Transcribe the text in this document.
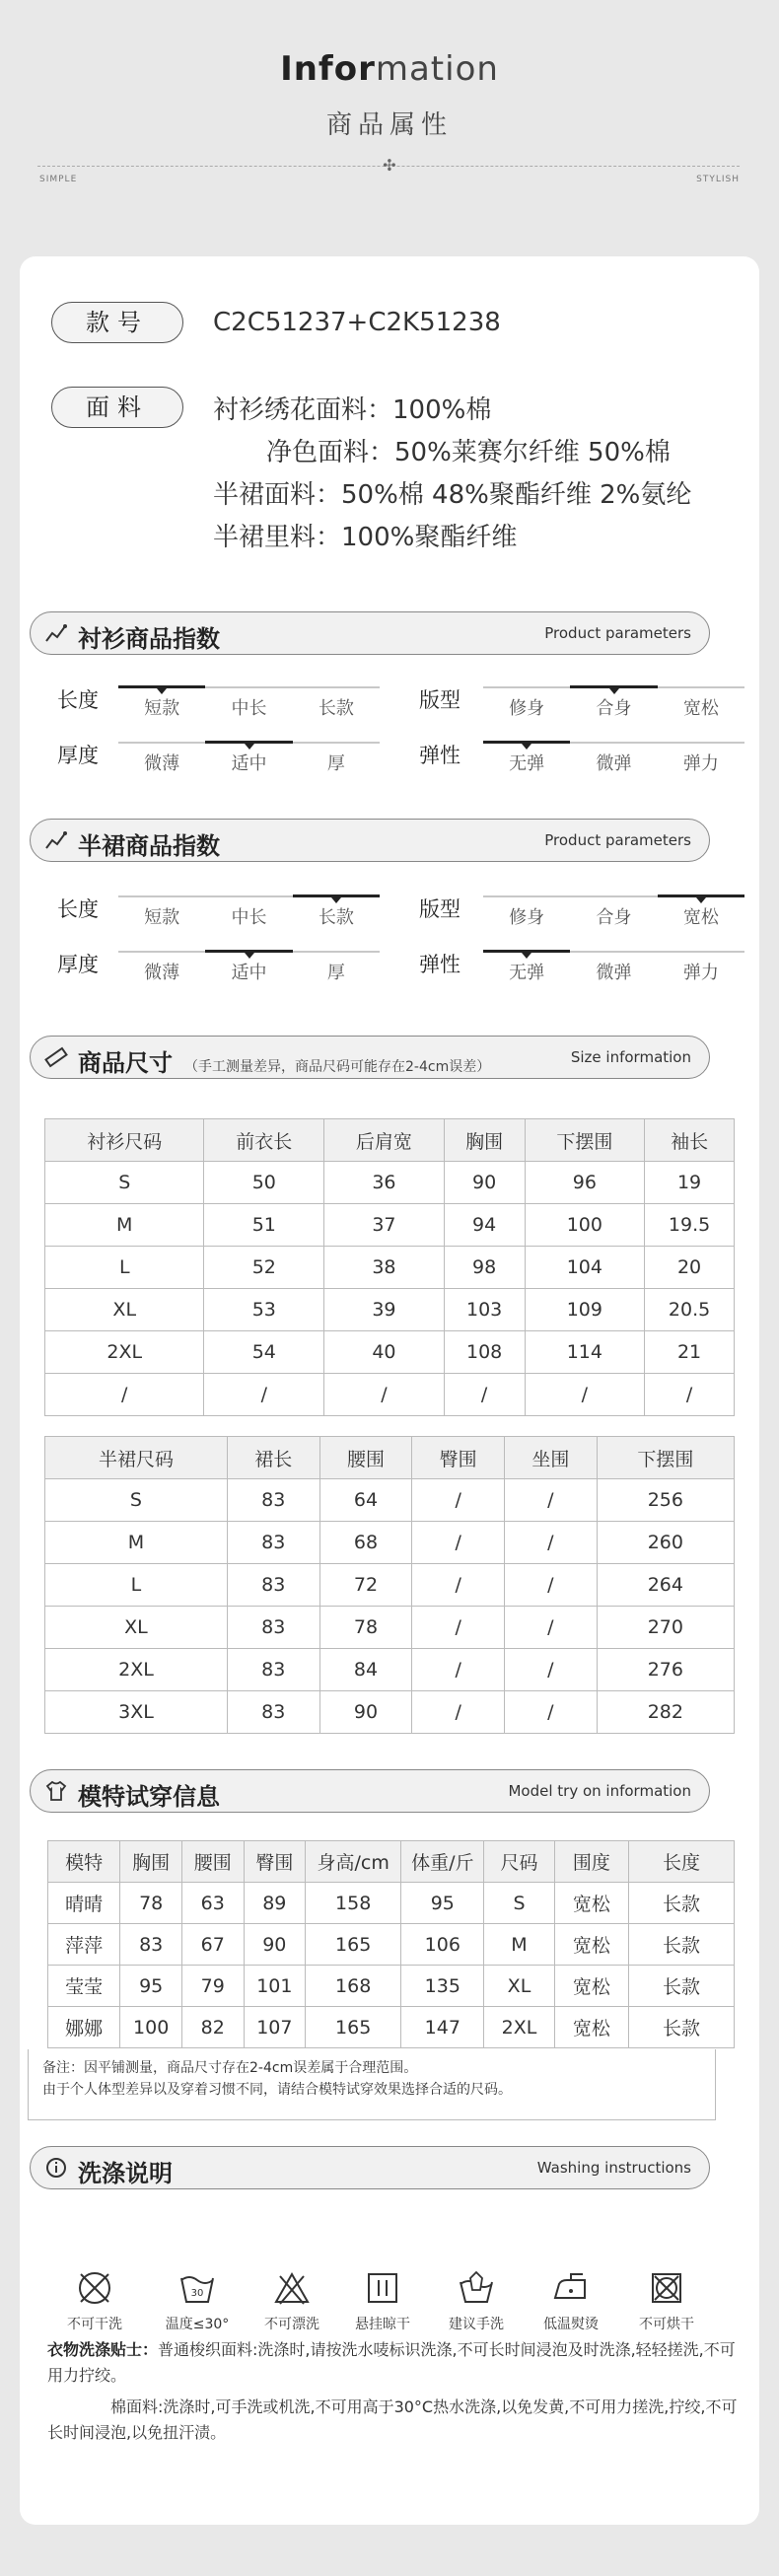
Information
商品属性
✣
SIMPLE	STYLISH
款号	C2C51237+C2K51238
面料	衬衫绣花面料：100%棉
净色面料：50%莱赛尔纤维 50%棉
半裙面料：50%棉 48%聚酯纤维 2%氨纶
半裙里料：100%聚酯纤维
衬衫商品指数	Product parameters
长度	短款	中长	长款	版型	修身	合身	宽松
厚度	微薄	适中	厚	弹性	无弹	微弹	弹力
半裙商品指数	Product parameters
长度	短款	中长	长款	版型	修身	合身	宽松
厚度	微薄	适中	厚	弹性	无弹	微弹	弹力
商品尺寸 （手工测量差异，商品尺码可能存在2-4cm误差）
Size information
衬衫尺码	前衣长	后肩宽	胸围	下摆围	袖长
S	50	36	90	96	19
M	51	37	94	100	19.5
L	52	38	98	104	20
XL	53	39	103	109	20.5
2XL	54	40	108	114	21
/	/	/	/	/	/
半裙尺码	裙长	腰围	臀围	坐围	下摆围
S	83	64	/	/	256
M	83	68	/	/	260
L	83	72	/	/	264
XL	83	78	/	/	270
2XL	83	84	/	/	276
3XL	83	90	/	/	282
模特试穿信息	Model try on information
模特	胸围	腰围	臀围	身高/cm	体重/斤	尺码	围度	长度
晴晴	78	63	89	158	95	S	宽松	长款
萍萍	83	67	90	165	106	M	宽松	长款
莹莹	95	79	101	168	135	XL	宽松	长款
娜娜	100	82	107	165	147	2XL	宽松	长款
备注：因平铺测量，商品尺寸存在2-4cm误差属于合理范围。
由于个人体型差异以及穿着习惯不同，请结合模特试穿效果选择合适的尺码。
洗涤说明	Washing instructions
不可干洗
30
温度≤30°	不可漂洗	悬挂晾干	建议手洗	低温熨烫	不可烘干
衣物洗涤贴士：普通梭织面料:洗涤时,请按洗水唛标识洗涤,不可长时间浸泡及时洗涤,轻轻搓洗,不可用力拧绞。
棉面料:洗涤时,可手洗或机洗,不可用高于30°C热水洗涤,以免发黄,不可用力搓洗,拧绞,不可长时间浸泡,以免扭汗渍。
